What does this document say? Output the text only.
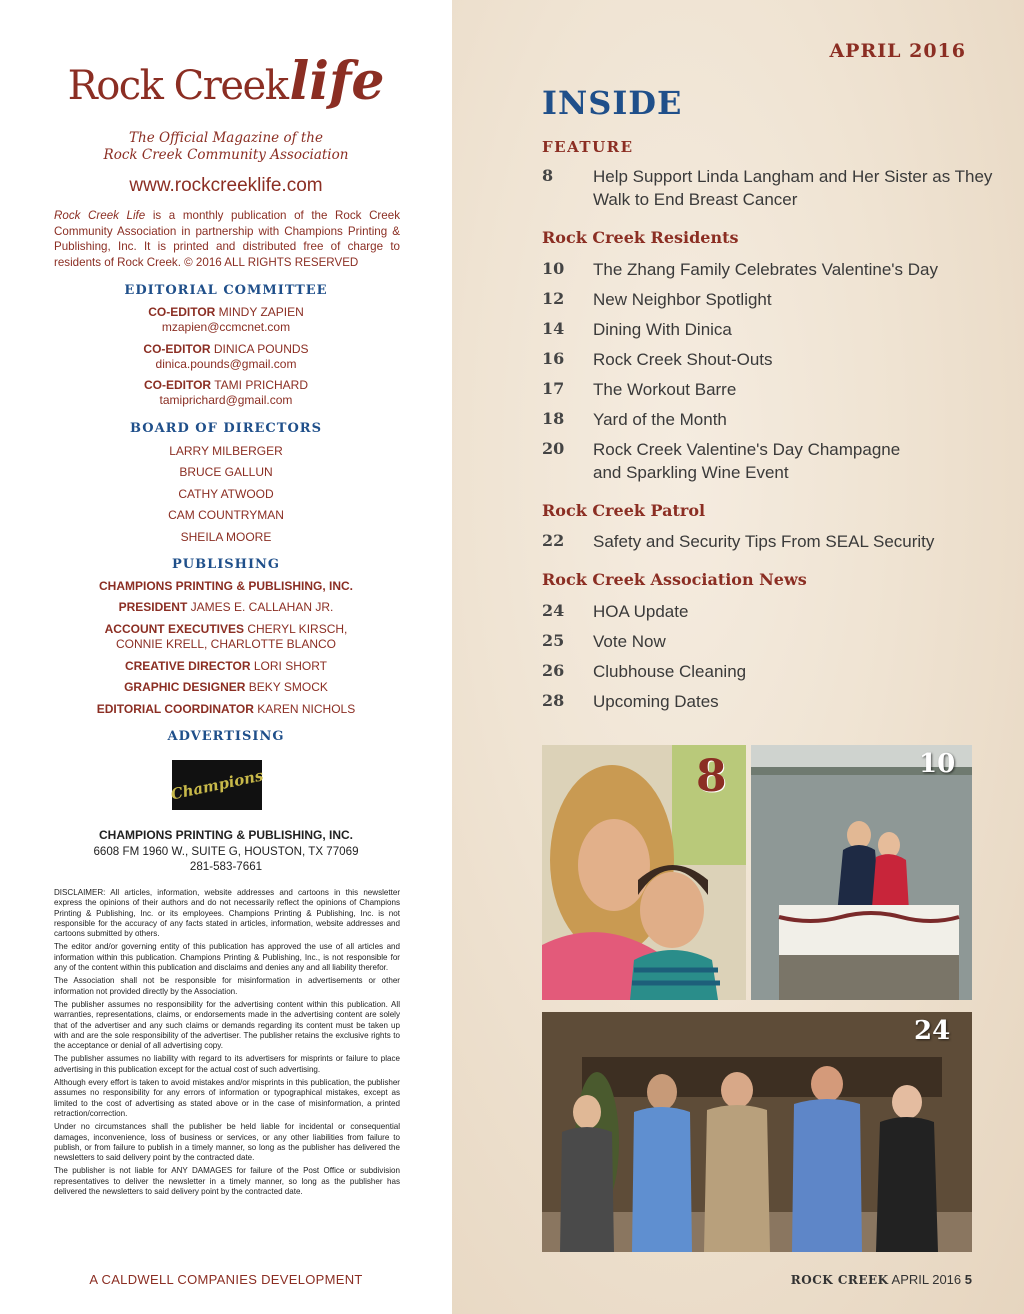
Rock Creeklife
The Official Magazine of the
Rock Creek Community Association
www.rockcreeklife.com
Rock Creek Life is a monthly publication of the Rock Creek Community Association in partnership with Champions Printing & Publishing, Inc. It is printed and distributed free of charge to residents of Rock Creek. © 2016 ALL RIGHTS RESERVED
EDITORIAL COMMITTEE
CO-EDITOR MINDY ZAPIEN
mzapien@ccmcnet.com
CO-EDITOR DINICA POUNDS
dinica.pounds@gmail.com
CO-EDITOR TAMI PRICHARD
tamiprichard@gmail.com
BOARD OF DIRECTORS
LARRY MILBERGER
BRUCE GALLUN
CATHY ATWOOD
CAM COUNTRYMAN
SHEILA MOORE
PUBLISHING
CHAMPIONS PRINTING & PUBLISHING, INC.
PRESIDENT JAMES E. CALLAHAN JR.
ACCOUNT EXECUTIVES CHERYL KIRSCH,
CONNIE KRELL, CHARLOTTE BLANCO
CREATIVE DIRECTOR LORI SHORT
GRAPHIC DESIGNER BEKY SMOCK
EDITORIAL COORDINATOR KAREN NICHOLS
ADVERTISING
Champions
CHAMPIONS PRINTING & PUBLISHING, INC.
6608 FM 1960 W., SUITE G, HOUSTON, TX 77069
281-583-7661

DISCLAIMER: All articles, information, website addresses and cartoons in this newsletter express the opinions of their authors and do not necessarily reflect the opinions of Champions Printing & Publishing, Inc. or its employees. Champions Printing & Publishing, Inc. is not responsible for the accuracy of any facts stated in articles, information, website addresses and cartoons submitted by others.

The editor and/or governing entity of this publication has approved the use of all articles and information within this publication. Champions Printing & Publishing, Inc., is not responsible for any of the content within this publication and disclaims and denies any and all liability therefor.

The Association shall not be responsible for misinformation in advertisements or other information not provided directly by the Association.

The publisher assumes no responsibility for the advertising content within this publication. All warranties, representations, claims, or endorsements made in the advertising content are solely that of the advertiser and any such claims or demands regarding its content must be taken up with and are the sole responsibility of the advertiser. The publisher retains the exclusive rights to the acceptance or denial of all advertising copy.

The publisher assumes no liability with regard to its advertisers for misprints or failure to place advertising in this publication except for the actual cost of such advertising.

Although every effort is taken to avoid mistakes and/or misprints in this publication, the publisher assumes no responsibility for any errors of information or typographical mistakes, except as limited to the cost of advertising as stated above or in the case of misinformation, a printed retraction/correction.

Under no circumstances shall the publisher be held liable for incidental or consequential damages, inconvenience, loss of business or services, or any other liabilities from failure to publish, or from failure to publish in a timely manner, so long as the publisher has delivered the newsletters to said delivery point by the contracted date.

The publisher is not liable for ANY DAMAGES for failure of the Post Office or subdivision representatives to deliver the newsletter in a timely manner, so long as the publisher has delivered the newsletters to said delivery point by the contracted date.

A CALDWELL COMPANIES DEVELOPMENT
APRIL 2016
INSIDE
FEATURE
8 Help Support Linda Langham and Her Sister as They Walk to End Breast Cancer
Rock Creek Residents
10 The Zhang Family Celebrates Valentine's Day
12 New Neighbor Spotlight
14 Dining With Dinica
16 Rock Creek Shout-Outs
17 The Workout Barre
18 Yard of the Month
20 Rock Creek Valentine's Day Champagne and Sparkling Wine Event
Rock Creek Patrol
22 Safety and Security Tips From SEAL Security
Rock Creek Association News
24 HOA Update
25 Vote Now
26 Clubhouse Cleaning
28 Upcoming Dates
8	10
24
ROCK CREEK APRIL 2016 5
